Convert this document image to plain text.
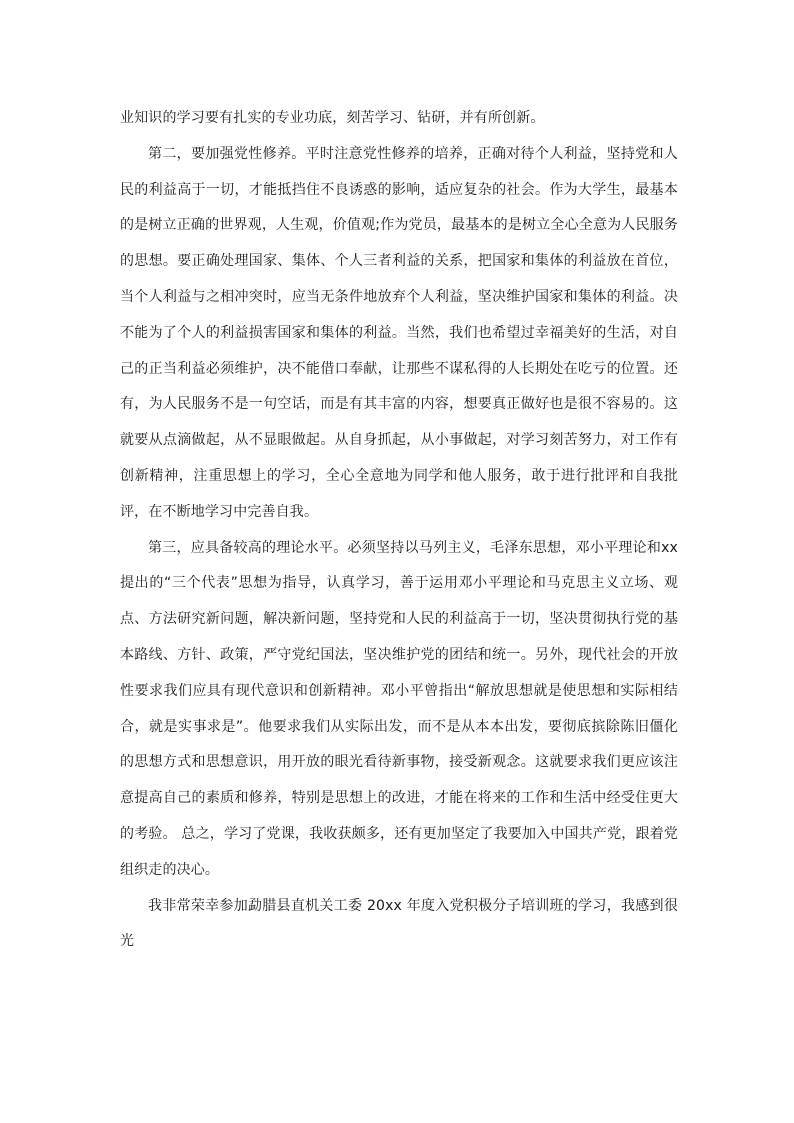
业知识的学习要有扎实的专业功底，刻苦学习、钻研，并有所创新。

第二，要加强党性修养。平时注意党性修养的培养，正确对待个人利益，坚持党和人民的利益高于一切，才能抵挡住不良诱惑的影响，适应复杂的社会。作为大学生，最基本的是树立正确的世界观，人生观，价值观;作为党员，最基本的是树立全心全意为人民服务的思想。要正确处理国家、集体、个人三者利益的关系，把国家和集体的利益放在首位，当个人利益与之相冲突时，应当无条件地放弃个人利益，坚决维护国家和集体的利益。决不能为了个人的利益损害国家和集体的利益。当然，我们也希望过幸福美好的生活，对自己的正当利益必须维护，决不能借口奉献，让那些不谋私得的人长期处在吃亏的位置。还有，为人民服务不是一句空话，而是有其丰富的内容，想要真正做好也是很不容易的。这就要从点滴做起，从不显眼做起。从自身抓起，从小事做起，对学习刻苦努力，对工作有创新精神，注重思想上的学习，全心全意地为同学和他人服务，敢于进行批评和自我批评，在不断地学习中完善自我。

第三，应具备较高的理论水平。必须坚持以马列主义，毛泽东思想，邓小平理论和xx提出的“三个代表”思想为指导，认真学习，善于运用邓小平理论和马克思主义立场、观点、方法研究新问题，解决新问题，坚持党和人民的利益高于一切，坚决贯彻执行党的基本路线、方针、政策，严守党纪国法，坚决维护党的团结和统一。另外，现代社会的开放性要求我们应具有现代意识和创新精神。邓小平曾指出“解放思想就是使思想和实际相结合，就是实事求是”。他要求我们从实际出发，而不是从本本出发，要彻底摈除陈旧僵化的思想方式和思想意识，用开放的眼光看待新事物，接受新观念。这就要求我们更应该注意提高自己的素质和修养，特别是思想上的改进，才能在将来的工作和生活中经受住更大的考验。 总之，学习了党课，我收获颇多，还有更加坚定了我要加入中国共产党，跟着党组织走的决心。

我非常荣幸参加勐腊县直机关工委 20xx 年度入党积极分子培训班的学习，我感到很光
